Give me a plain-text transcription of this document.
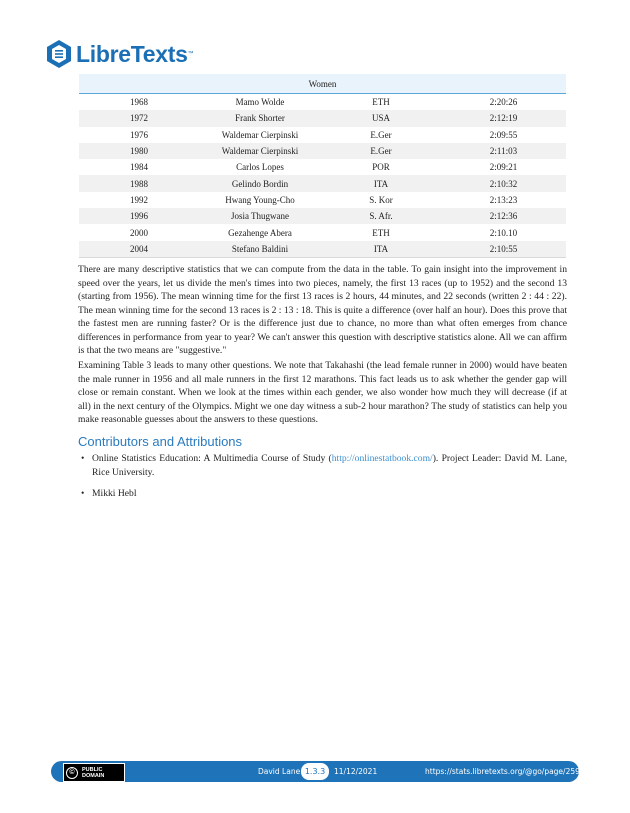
LibreTexts ™
Women			
1968	Mamo Wolde	ETH	2:20:26
1972	Frank Shorter	USA	2:12:19
1976	Waldemar Cierpinski	E.Ger	2:09:55
1980	Waldemar Cierpinski	E.Ger	2:11:03
1984	Carlos Lopes	POR	2:09:21
1988	Gelindo Bordin	ITA	2:10:32
1992	Hwang Young-Cho	S. Kor	2:13:23
1996	Josia Thugwane	S. Afr.	2:12:36
2000	Gezahenge Abera	ETH	2:10.10
2004	Stefano Baldini	ITA	2:10:55

There are many descriptive statistics that we can compute from the data in the table. To gain insight into the improvement in speed over the years, let us divide the men's times into two pieces, namely, the first 13 races (up to 1952) and the second 13 (starting from 1956). The mean winning time for the first 13 races is 2 hours, 44 minutes, and 22 seconds (written 2 : 44 : 22). The mean winning time for the second 13 races is 2 : 13 : 18. This is quite a difference (over half an hour). Does this prove that the fastest men are running faster? Or is the difference just due to chance, no more than what often emerges from chance differences in performance from year to year? We can't answer this question with descriptive statistics alone. All we can affirm is that the two means are "suggestive."

Examining Table 3 leads to many other questions. We note that Takahashi (the lead female runner in 2000) would have beaten the male runner in 1956 and all male runners in the first 12 marathons. This fact leads us to ask whether the gender gap will close or remain constant. When we look at the times within each gender, we also wonder how much they will decrease (if at all) in the next century of the Olympics. Might we one day witness a sub-2 hour marathon? The study of statistics can help you make reasonable guesses about the answers to these questions.

Contributors and Attributions
• Online Statistics Education: A Multimedia Course of Study (http://onlinestatbook.com/). Project Leader: David M. Lane, Rice University.
• Mikki Hebl
©	PUBLIC
DOMAIN	David Lane 1.3.3	11/12/2021	https://stats.libretexts.org/@go/page/259
